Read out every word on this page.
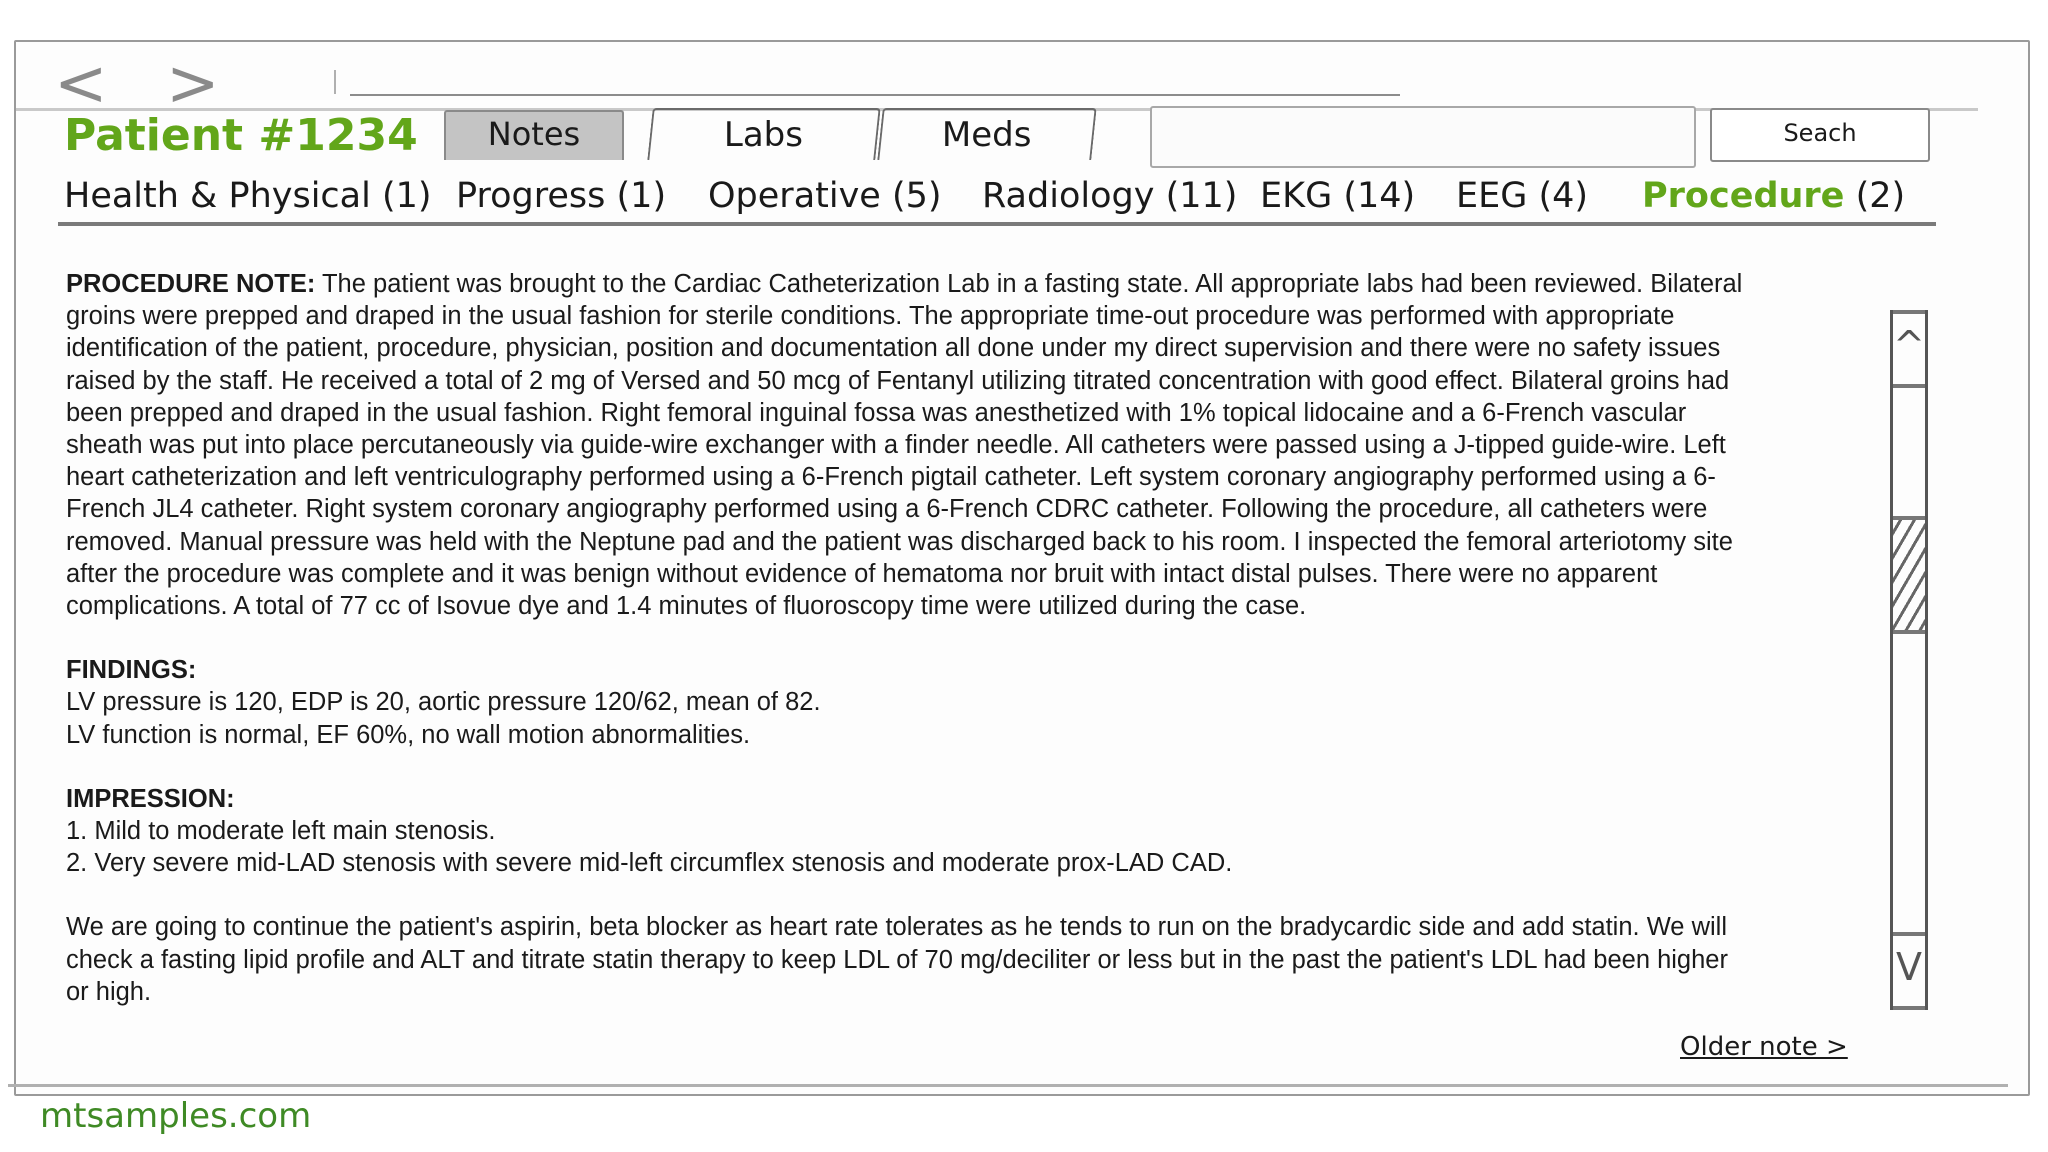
< >
Patient #1234	Notes	Labs	Meds	Seach
Health & Physical (1) Progress (1) Operative (5) Radiology (11) EKG (14) EEG (4) Procedure (2)

PROCEDURE NOTE: The patient was brought to the Cardiac Catheterization Lab in a fasting state. All appropriate labs had been reviewed. Bilateral
groins were prepped and draped in the usual fashion for sterile conditions. The appropriate time-out procedure was performed with appropriate
identification of the patient, procedure, physician, position and documentation all done under my direct supervision and there were no safety issues
raised by the staff. He received a total of 2 mg of Versed and 50 mcg of Fentanyl utilizing titrated concentration with good effect. Bilateral groins had
been prepped and draped in the usual fashion. Right femoral inguinal fossa was anesthetized with 1% topical lidocaine and a 6-French vascular
sheath was put into place percutaneously via guide-wire exchanger with a finder needle. All catheters were passed using a J-tipped guide-wire. Left
heart catheterization and left ventriculography performed using a 6-French pigtail catheter. Left system coronary angiography performed using a 6-
French JL4 catheter. Right system coronary angiography performed using a 6-French CDRC catheter. Following the procedure, all catheters were
removed. Manual pressure was held with the Neptune pad and the patient was discharged back to his room. I inspected the femoral arteriotomy site
after the procedure was complete and it was benign without evidence of hematoma nor bruit with intact distal pulses. There were no apparent
complications. A total of 77 cc of Isovue dye and 1.4 minutes of fluoroscopy time were utilized during the case.

FINDINGS:
LV pressure is 120, EDP is 20, aortic pressure 120/62, mean of 82.
LV function is normal, EF 60%, no wall motion abnormalities.

IMPRESSION:
1. Mild to moderate left main stenosis.
2. Very severe mid-LAD stenosis with severe mid-left circumflex stenosis and moderate prox-LAD CAD.

We are going to continue the patient's aspirin, beta blocker as heart rate tolerates as he tends to run on the bradycardic side and add statin. We will
check a fasting lipid profile and ALT and titrate statin therapy to keep LDL of 70 mg/deciliter or less but in the past the patient's LDL had been higher
or high.

^
V
Older note >
mtsamples.com
